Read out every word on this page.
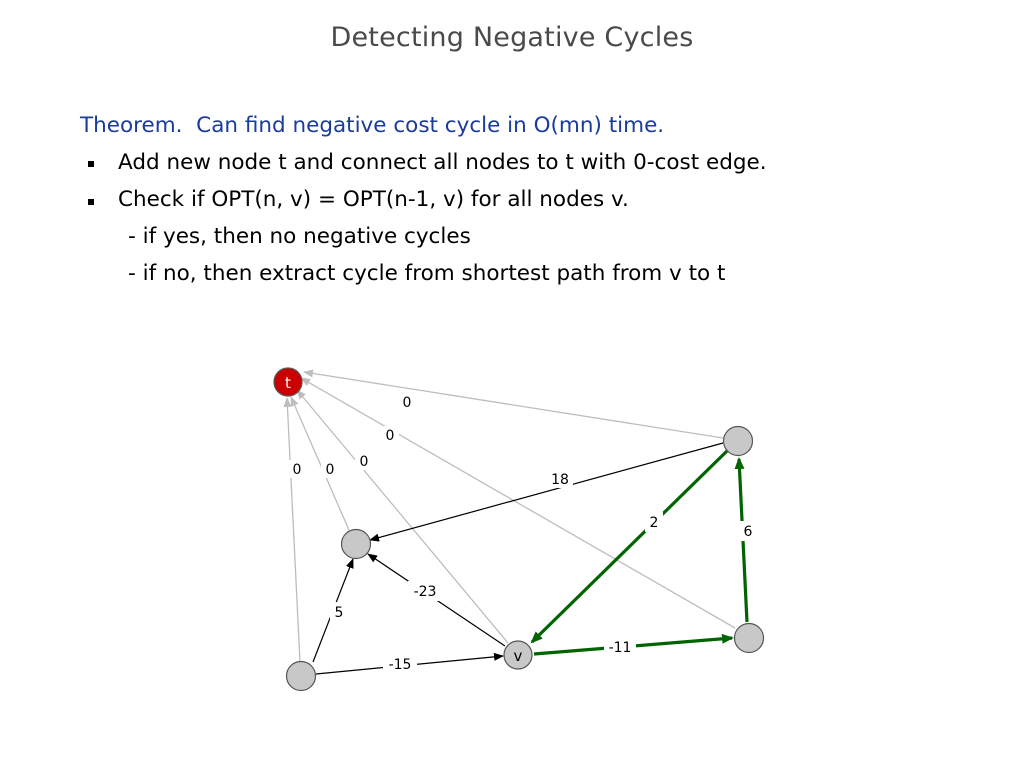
Detecting Negative Cycles
Theorem.  Can find negative cost cycle in O(mn) time.
Add new node t and connect all nodes to t with 0-cost edge.
Check if OPT(n, v) = OPT(n-1, v) for all nodes v.
- if yes, then no negative cycles
- if no, then extract cycle from shortest path from v to t
0
0
0
0
0
18
2
6
-11
-23
5
-15
t
v
